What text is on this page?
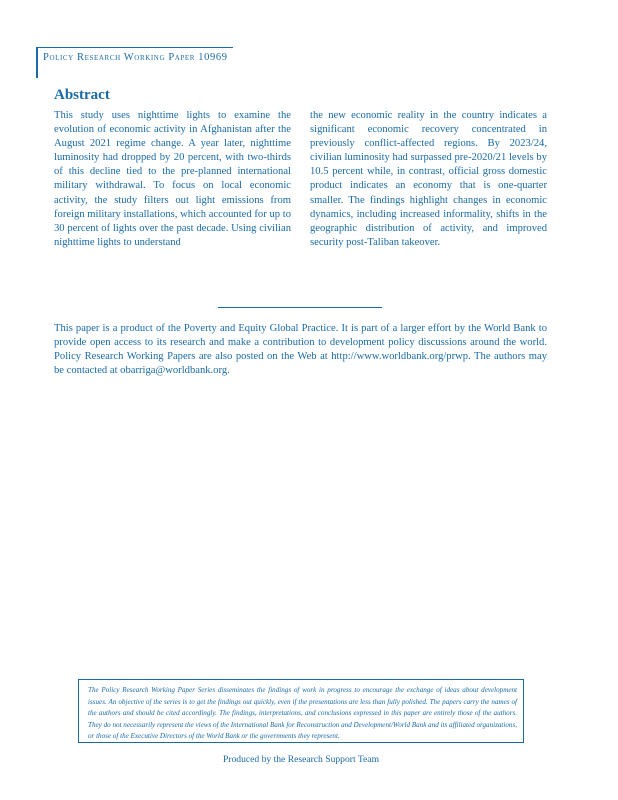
Policy Research Working Paper 10969
Abstract
This study uses nighttime lights to examine the evolution of economic activity in Afghanistan after the August 2021 regime change. A year later, nighttime luminosity had dropped by 20 percent, with two-thirds of this decline tied to the pre-planned international military withdrawal. To focus on local economic activity, the study filters out light emissions from foreign military installations, which accounted for up to 30 percent of lights over the past decade. Using civilian nighttime lights to understand
the new economic reality in the country indicates a significant economic recovery concentrated in previously conflict-affected regions. By 2023/24, civilian luminosity had surpassed pre-2020/21 levels by 10.5 percent while, in contrast, official gross domestic product indicates an economy that is one-quarter smaller. The findings highlight changes in economic dynamics, including increased informality, shifts in the geographic distribution of activity, and improved security post-Taliban takeover.
This paper is a product of the Poverty and Equity Global Practice. It is part of a larger effort by the World Bank to provide open access to its research and make a contribution to development policy discussions around the world. Policy Research Working Papers are also posted on the Web at http://www.worldbank.org/prwp. The authors may be contacted at obarriga@worldbank.org.
The Policy Research Working Paper Series disseminates the findings of work in progress to encourage the exchange of ideas about development issues. An objective of the series is to get the findings out quickly, even if the presentations are less than fully polished. The papers carry the names of the authors and should be cited accordingly. The findings, interpretations, and conclusions expressed in this paper are entirely those of the authors. They do not necessarily represent the views of the International Bank for Reconstruction and Development/World Bank and its affiliated organizations, or those of the Executive Directors of the World Bank or the governments they represent.
Produced by the Research Support Team
